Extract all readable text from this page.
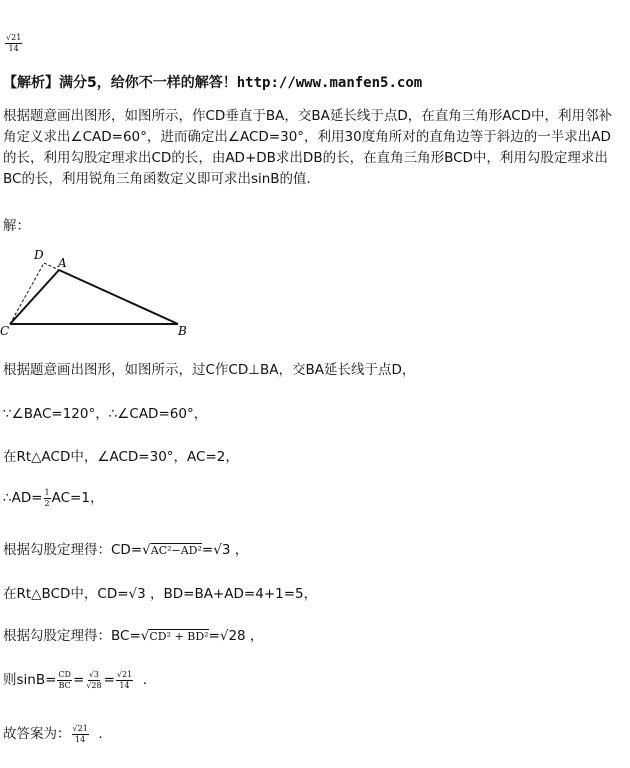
$\frac{√21}{14}$
【解析】满分5，给你不一样的解答！http://www.manfen5.com
根据题意画出图形，如图所示，作CD垂直于BA，交BA延长线于点D，在直角三角形ACD中，利用邻补角定义求出∠CAD=60°，进而确定出∠ACD=30°，利用30度角所对的直角边等于斜边的一半求出AD的长，利用勾股定理求出CD的长，由AD+DB求出DB的长，在直角三角形BCD中，利用勾股定理求出BC的长，利用锐角三角函数定义即可求出sinB的值．
解：
D
A
C	B
根据题意画出图形，如图所示，过C作CD⊥BA，交BA延长线于点D，
∵∠BAC=120°，∴∠CAD=60°，
在Rt△ACD中，∠ACD=30°，AC=2，
∴AD= $\frac{1}{2} AC=1$，
根据勾股定理得：CD=√AC²−AD²=√3 ，
在Rt△BCD中，CD=√3 ，BD=BA+AD=4+1=5，
根据勾股定理得：BC=√CD² + BD²=√28 ，
则$\sin B= \frac{CD}{BC} = \frac{√3}{√28} = \frac{√21}{14}$ ．
故答案为： $\frac{√21}{14}$ ．
